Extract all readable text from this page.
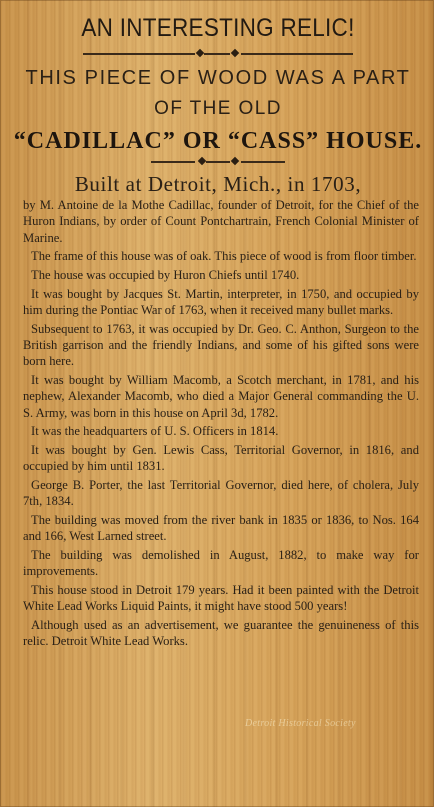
AN INTERESTING RELIC!
THIS PIECE OF WOOD WAS A PART
OF THE OLD
“CADILLAC” OR “CASS” HOUSE.
Built at Detroit, Mich., in 1703,

by M. Antoine de la Mothe Cadillac, founder of Detroit, for the Chief of the Huron Indians, by order of Count Pontchartrain, French Colonial Minister of Marine.

The frame of this house was of oak. This piece of wood is from floor timber.

The house was occupied by Huron Chiefs until 1740.

It was bought by Jacques St. Martin, interpreter, in 1750, and occupied by him during the Pontiac War of 1763, when it received many bullet marks.

Subsequent to 1763, it was occupied by Dr. Geo. C. Anthon, Surgeon to the British garrison and the friendly Indians, and some of his gifted sons were born here.

It was bought by William Macomb, a Scotch merchant, in 1781, and his nephew, Alexander Macomb, who died a Major General commanding the U. S. Army, was born in this house on April 3d, 1782.

It was the headquarters of U. S. Officers in 1814.

It was bought by Gen. Lewis Cass, Territorial Governor, in 1816, and occupied by him until 1831.

George B. Porter, the last Territorial Governor, died here, of cholera, July 7th, 1834.

The building was moved from the river bank in 1835 or 1836, to Nos. 164 and 166, West Larned street.

The building was demolished in August, 1882, to make way for improvements.

This house stood in Detroit 179 years. Had it been painted with the Detroit White Lead Works Liquid Paints, it might have stood 500 years!

Although used as an advertisement, we guarantee the genuineness of this relic. Detroit White Lead Works.

Detroit Historical Society
